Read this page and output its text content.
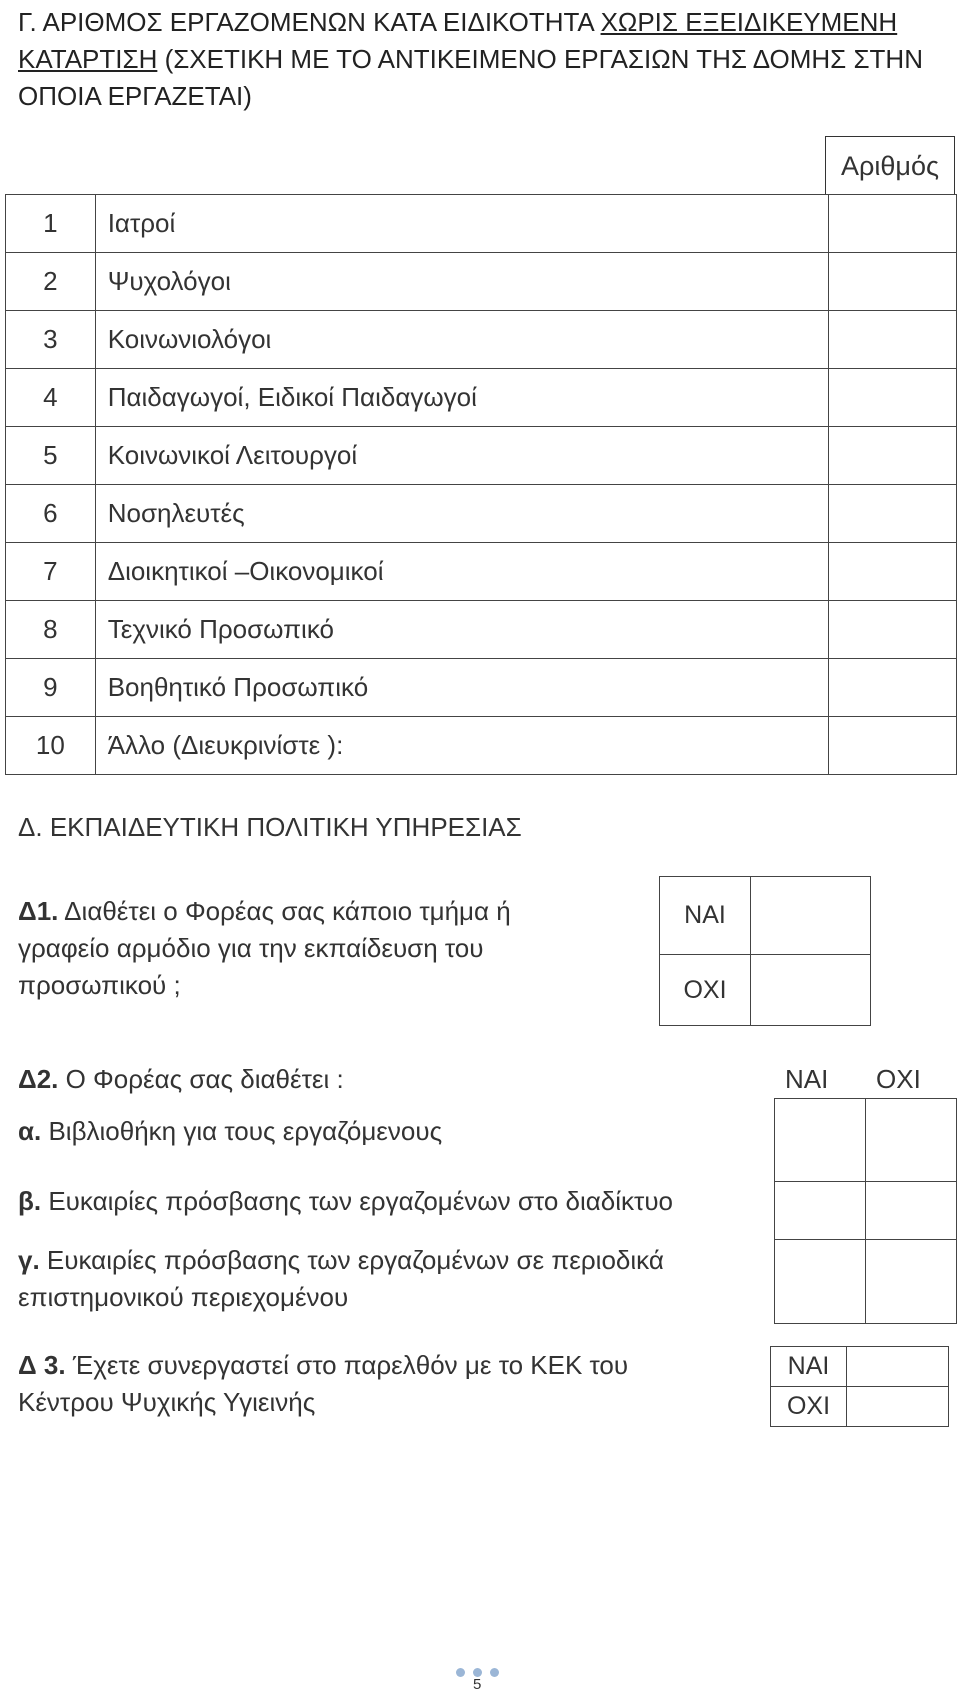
Γ. ΑΡΙΘΜΟΣ ΕΡΓΑΖΟΜΕΝΩΝ ΚΑΤΑ ΕΙΔΙΚΟΤΗΤΑ ΧΩΡΙΣ ΕΞΕΙΔΙΚΕΥΜΕΝΗ ΚΑΤΑΡΤΙΣΗ (ΣΧΕΤΙΚΗ ΜΕ ΤΟ ΑΝΤΙΚΕΙΜΕΝΟ ΕΡΓΑΣΙΩΝ ΤΗΣ ΔΟΜΗΣ ΣΤΗΝ ΟΠΟΙΑ ΕΡΓΑΖΕΤΑΙ)
Αριθμός
1	Ιατροί	
2	Ψυχολόγοι	
3	Κοινωνιολόγοι	
4	Παιδαγωγοί, Ειδικοί Παιδαγωγοί	
5	Κοινωνικοί Λειτουργοί	
6	Νοσηλευτές	
7	Διοικητικοί –Οικονομικοί	
8	Τεχνικό Προσωπικό	
9	Βοηθητικό Προσωπικό	
10	Άλλο (Διευκρινίστε ):	
Δ. ΕΚΠΑΙΔΕΥΤΙΚΗ ΠΟΛΙΤΙΚΗ ΥΠΗΡΕΣΙΑΣ
Δ1. Διαθέτει ο Φορέας σας κάποιο τμήμα ή
γραφείο αρμόδιο για την εκπαίδευση του
προσωπικού ;
ΝΑΙ	
ΟΧΙ	
Δ2. Ο Φορέας σας διαθέτει :	ΝΑΙ ΟΧΙ
α. Βιβλιοθήκη για τους εργαζόμενους
β. Ευκαιρίες πρόσβασης των εργαζομένων στο διαδίκτυο
γ. Ευκαιρίες πρόσβασης των εργαζομένων σε περιοδικά
επιστημονικού περιεχομένου

Δ 3. Έχετε συνεργαστεί στο παρελθόν με το ΚΕΚ του
Κέντρου Ψυχικής Υγιεινής
ΝΑΙ	
ΟΧΙ	
5
